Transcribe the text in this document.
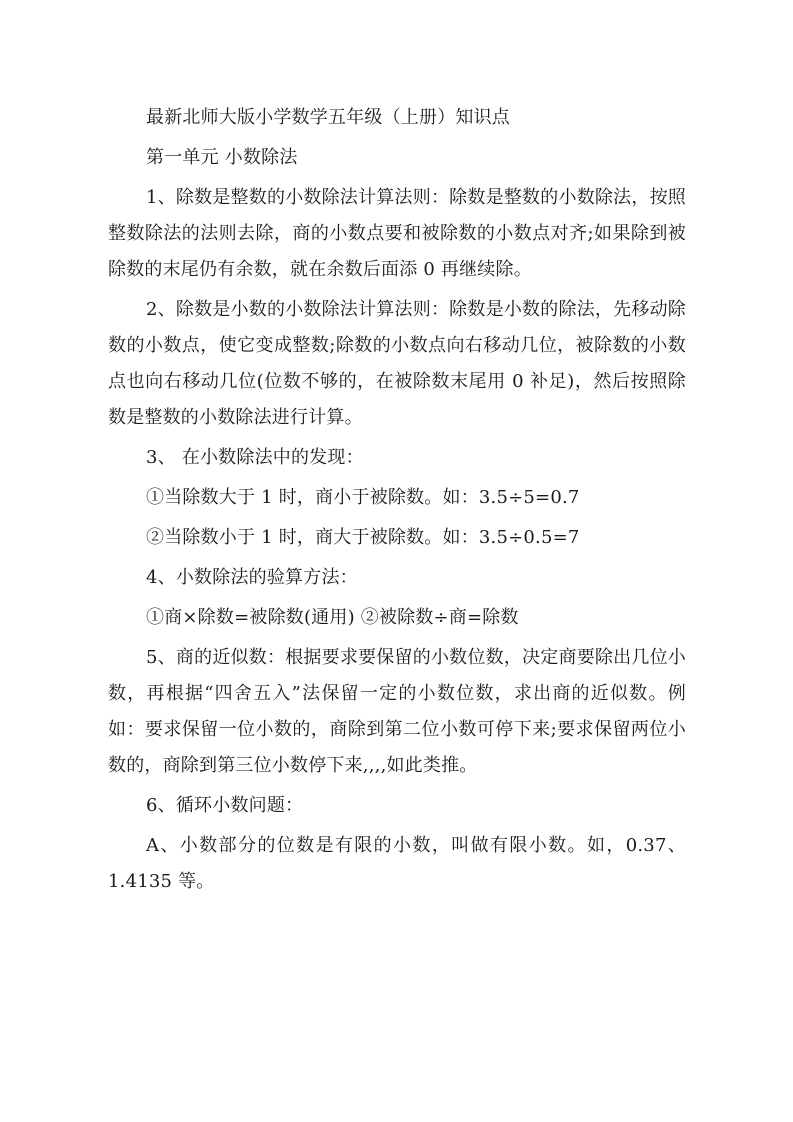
最新北师大版小学数学五年级（上册）知识点

第一单元 小数除法

1、除数是整数的小数除法计算法则：除数是整数的小数除法，按照整数除法的法则去除，商的小数点要和被除数的小数点对齐;如果除到被除数的末尾仍有余数，就在余数后面添 0 再继续除。

2、除数是小数的小数除法计算法则：除数是小数的除法，先移动除数的小数点，使它变成整数;除数的小数点向右移动几位，被除数的小数点也向右移动几位(位数不够的，在被除数末尾用 0 补足)，然后按照除数是整数的小数除法进行计算。

3、 在小数除法中的发现：

①当除数大于 1 时，商小于被除数。如：3.5÷5=0.7

②当除数小于 1 时，商大于被除数。如：3.5÷0.5=7

4、小数除法的验算方法：

①商×除数=被除数(通用) ②被除数÷商=除数

5、商的近似数：根据要求要保留的小数位数，决定商要除出几位小数，再根据“四舍五入”法保留一定的小数位数，求出商的近似数。例如：要求保留一位小数的，商除到第二位小数可停下来;要求保留两位小数的，商除到第三位小数停下来,,,,如此类推。

6、循环小数问题：

A、小数部分的位数是有限的小数，叫做有限小数。如，0.37、1.4135 等。
